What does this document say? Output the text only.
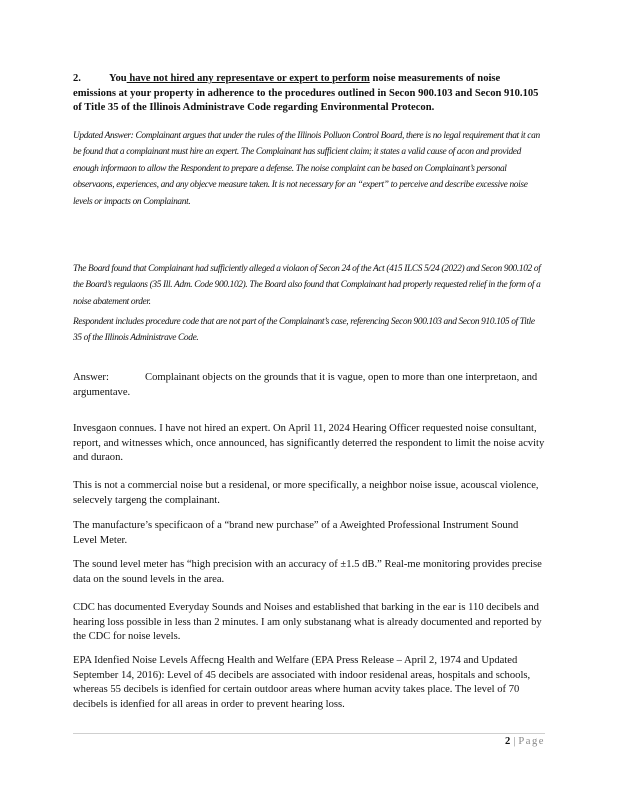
2.	You have not hired any representave or expert to perform noise measurements of noise emissions at your property in adherence to the procedures outlined in Secon 900.103 and Secon 910.105 of Title 35 of the Illinois Administrave Code regarding Environmental Protecon.

Updated Answer: Complainant argues that under the rules of the Illinois Polluon Control Board, there is no legal requirement that it can be found that a complainant must hire an expert. The Complainant has sufficient claim; it states a valid cause of acon and provided enough informaon to allow the Respondent to prepare a defense. The noise complaint can be based on Complainant’s personal observaons, experiences, and any objecve measure taken. It is not necessary for an “expert” to perceive and describe excessive noise levels or impacts on Complainant.

The Board found that Complainant had sufficiently alleged a violaon of Secon 24 of the Act (415 ILCS 5/24 (2022) and Secon 900.102 of the Board’s regulaons (35 Ill. Adm. Code 900.102). The Board also found that Complainant had properly requested relief in the form of a noise abatement order.

Respondent includes procedure code that are not part of the Complainant’s case, referencing Secon 900.103 and Secon 910.105 of Title 35 of the Illinois Administrave Code.

Answer:	Complainant objects on the grounds that it is vague, open to more than one interpretaon, and argumentave.

Invesgaon connues. I have not hired an expert. On April 11, 2024 Hearing Officer requested noise consultant, report, and witnesses which, once announced, has significantly deterred the respondent to limit the noise acvity and duraon.

This is not a commercial noise but a residenal, or more specifically, a neighbor noise issue, acouscal violence, selecvely targeng the complainant.

The manufacture’s specificaon of a “brand new purchase” of a Aweighted Professional Instrument Sound Level Meter.

The sound level meter has “high precision with an accuracy of ±1.5 dB.” Real-me monitoring provides precise data on the sound levels in the area.

CDC has documented Everyday Sounds and Noises and established that barking in the ear is 110 decibels and hearing loss possible in less than 2 minutes. I am only substanang what is already documented and reported by the CDC for noise levels.

EPA Idenfied Noise Levels Affecng Health and Welfare (EPA Press Release – April 2, 1974 and Updated September 14, 2016): Level of 45 decibels are associated with indoor residenal areas, hospitals and schools, whereas 55 decibels is idenfied for certain outdoor areas where human acvity takes place. The level of 70 decibels is idenfied for all areas in order to prevent hearing loss.

2 | Page
